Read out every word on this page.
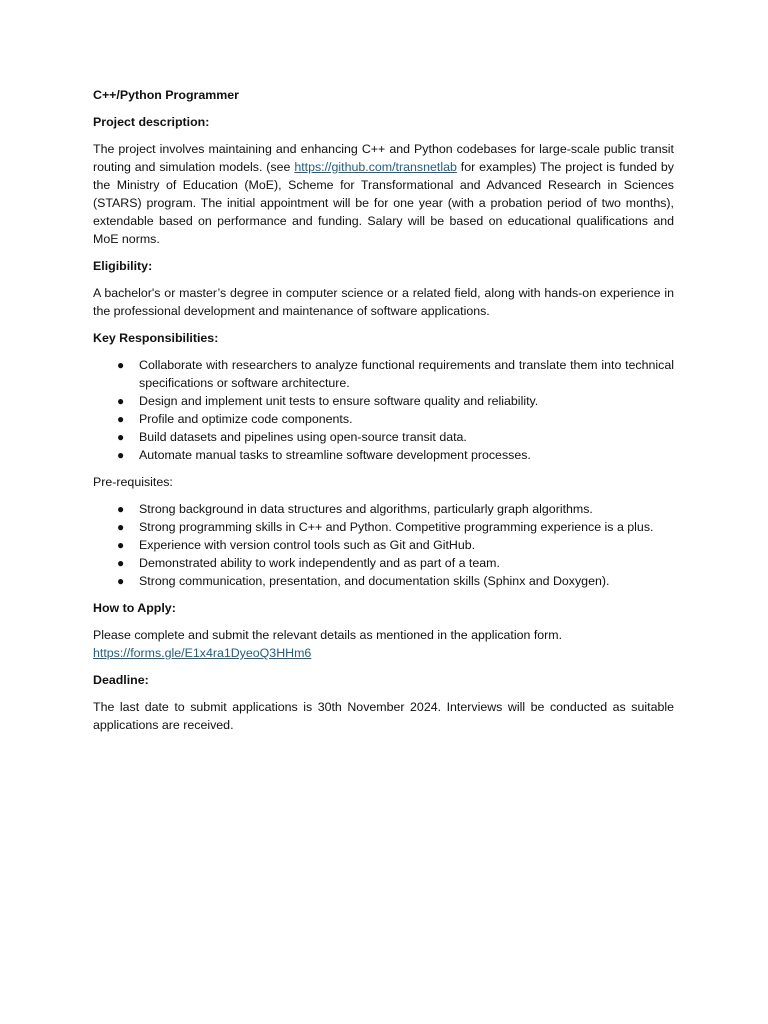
C++/Python Programmer
Project description:
The project involves maintaining and enhancing C++ and Python codebases for large-scale public transit routing and simulation models. (see https://github.com/transnetlab for examples) The project is funded by the Ministry of Education (MoE), Scheme for Transformational and Advanced Research in Sciences (STARS) program. The initial appointment will be for one year (with a probation period of two months), extendable based on performance and funding. Salary will be based on educational qualifications and MoE norms.
Eligibility:
A bachelor's or master’s degree in computer science or a related field, along with hands-on experience in the professional development and maintenance of software applications.
Key Responsibilities:
● Collaborate with researchers to analyze functional requirements and translate them into technical specifications or software architecture.
● Design and implement unit tests to ensure software quality and reliability.
● Profile and optimize code components.
● Build datasets and pipelines using open-source transit data.
● Automate manual tasks to streamline software development processes.
Pre-requisites:
● Strong background in data structures and algorithms, particularly graph algorithms.
● Strong programming skills in C++ and Python. Competitive programming experience is a plus.
● Experience with version control tools such as Git and GitHub.
● Demonstrated ability to work independently and as part of a team.
● Strong communication, presentation, and documentation skills (Sphinx and Doxygen).
How to Apply:
Please complete and submit the relevant details as mentioned in the application form.
https://forms.gle/E1x4ra1DyeoQ3HHm6
Deadline:
The last date to submit applications is 30th November 2024. Interviews will be conducted as suitable applications are received.
